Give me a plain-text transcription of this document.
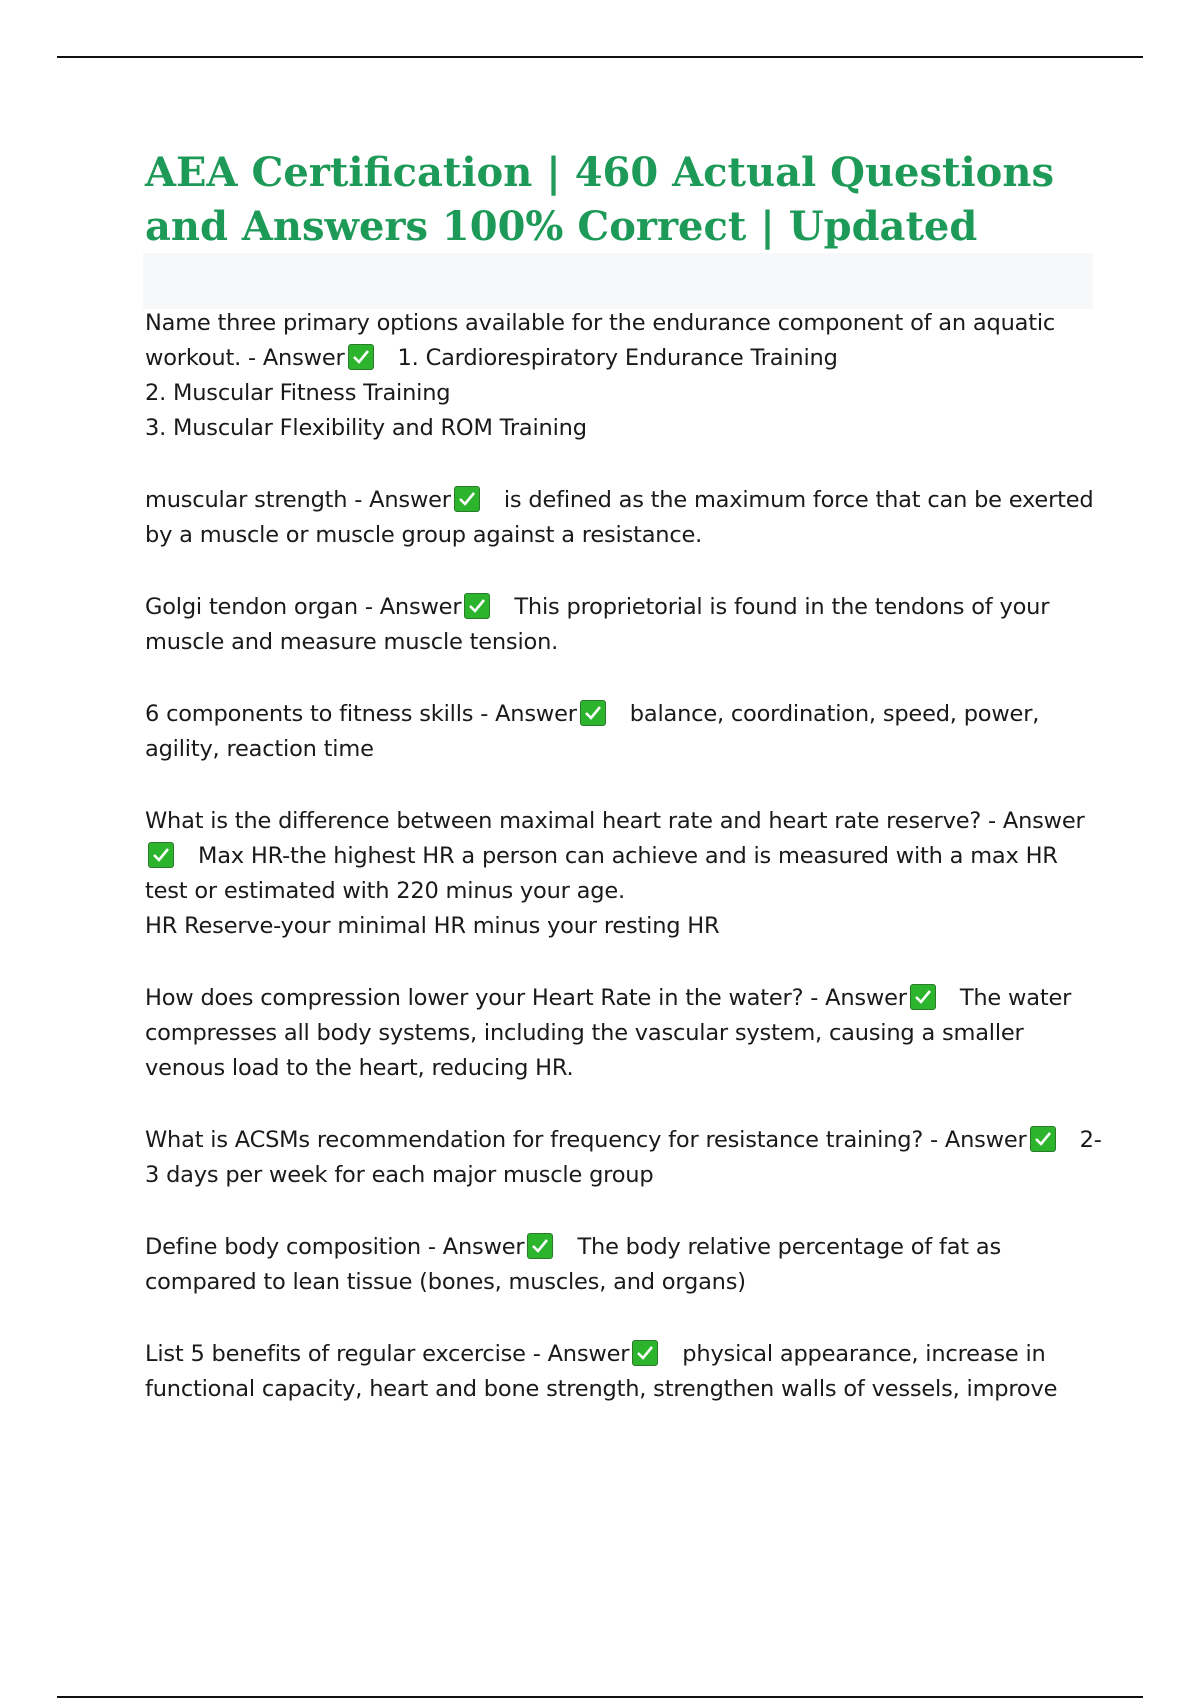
AEA Certification | 460 Actual Questions and Answers 100% Correct | Updated
Name three primary options available for the endurance component of an aquatic workout. - Answer 1. Cardiorespiratory Endurance Training
2. Muscular Fitness Training
3. Muscular Flexibility and ROM Training
muscular strength - Answer is defined as the maximum force that can be exerted by a muscle or muscle group against a resistance.
Golgi tendon organ - Answer This proprietorial is found in the tendons of your muscle and measure muscle tension.
6 components to fitness skills - Answer balance, coordination, speed, power, agility, reaction time
What is the difference between maximal heart rate and heart rate reserve? - Answer
Max HR-the highest HR a person can achieve and is measured with a max HR test or estimated with 220 minus your age.
HR Reserve-your minimal HR minus your resting HR
How does compression lower your Heart Rate in the water? - Answer The water compresses all body systems, including the vascular system, causing a smaller venous load to the heart, reducing HR.
What is ACSMs recommendation for frequency for resistance training? - Answer 2-3 days per week for each major muscle group
Define body composition - Answer The body relative percentage of fat as compared to lean tissue (bones, muscles, and organs)
List 5 benefits of regular excercise - Answer physical appearance, increase in functional capacity, heart and bone strength, strengthen walls of vessels, improve
